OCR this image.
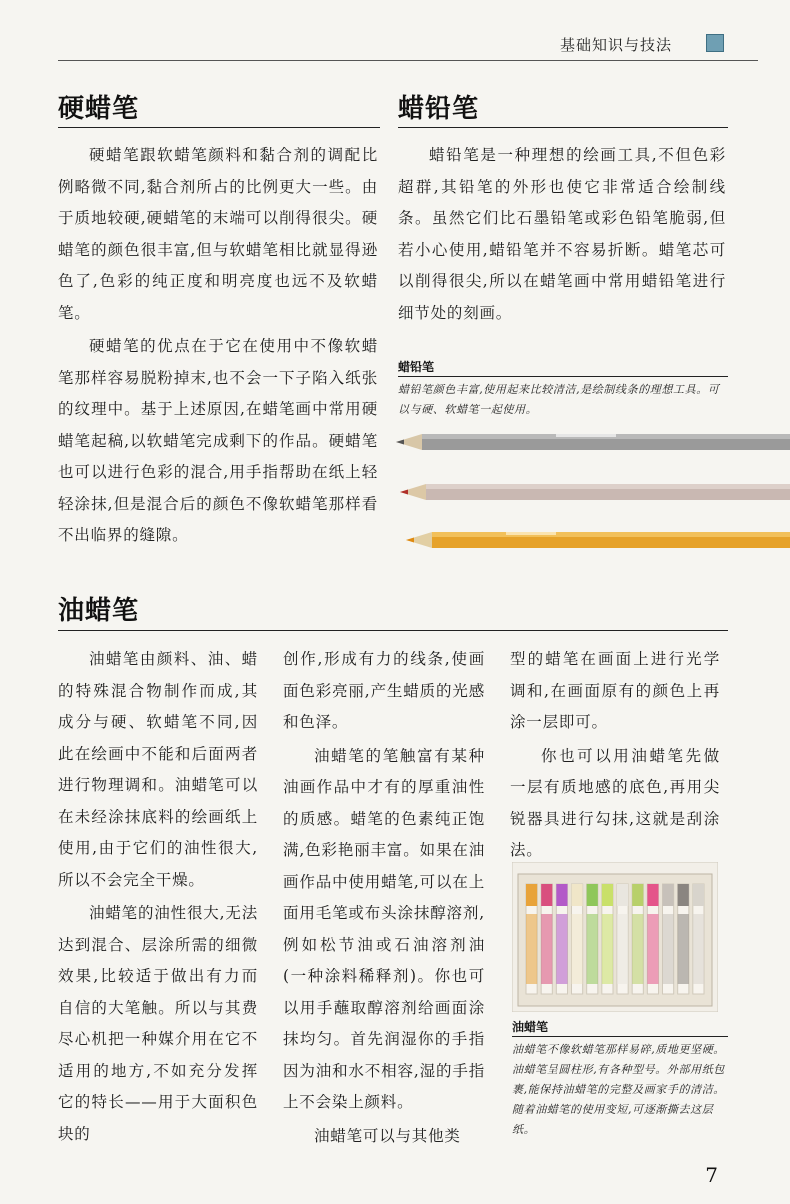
基础知识与技法
硬蜡笔

硬蜡笔跟软蜡笔颜料和黏合剂的调配比例略微不同,黏合剂所占的比例更大一些。由于质地较硬,硬蜡笔的末端可以削得很尖。硬蜡笔的颜色很丰富,但与软蜡笔相比就显得逊色了,色彩的纯正度和明亮度也远不及软蜡笔。

硬蜡笔的优点在于它在使用中不像软蜡笔那样容易脱粉掉末,也不会一下子陷入纸张的纹理中。基于上述原因,在蜡笔画中常用硬蜡笔起稿,以软蜡笔完成剩下的作品。硬蜡笔也可以进行色彩的混合,用手指帮助在纸上轻轻涂抹,但是混合后的颜色不像软蜡笔那样看不出临界的缝隙。

蜡铅笔

蜡铅笔是一种理想的绘画工具,不但色彩超群,其铅笔的外形也使它非常适合绘制线条。虽然它们比石墨铅笔或彩色铅笔脆弱,但若小心使用,蜡铅笔并不容易折断。蜡笔芯可以削得很尖,所以在蜡笔画中常用蜡铅笔进行细节处的刻画。

蜡铅笔
蜡铅笔颜色丰富,使用起来比较清洁,是绘制线条的理想工具。可以与硬、软蜡笔一起使用。
油蜡笔

油蜡笔由颜料、油、蜡的特殊混合物制作而成,其成分与硬、软蜡笔不同,因此在绘画中不能和后面两者进行物理调和。油蜡笔可以在未经涂抹底料的绘画纸上使用,由于它们的油性很大,所以不会完全干燥。

油蜡笔的油性很大,无法达到混合、层涂所需的细微效果,比较适于做出有力而自信的大笔触。所以与其费尽心机把一种媒介用在它不适用的地方,不如充分发挥它的特长——用于大面积色块的

创作,形成有力的线条,使画面色彩亮丽,产生蜡质的光感和色泽。

油蜡笔的笔触富有某种油画作品中才有的厚重油性的质感。蜡笔的色素纯正饱满,色彩艳丽丰富。如果在油画作品中使用蜡笔,可以在上面用毛笔或布头涂抹醇溶剂,例如松节油或石油溶剂油(一种涂料稀释剂)。你也可以用手蘸取醇溶剂给画面涂抹均匀。首先润湿你的手指因为油和水不相容,湿的手指上不会染上颜料。

油蜡笔可以与其他类

型的蜡笔在画面上进行光学调和,在画面原有的颜色上再涂一层即可。

你也可以用油蜡笔先做一层有质地感的底色,再用尖锐器具进行勾抹,这就是刮涂法。

油蜡笔
油蜡笔不像软蜡笔那样易碎,质地更坚硬。油蜡笔呈圆柱形,有各种型号。外部用纸包裹,能保持油蜡笔的完整及画家手的清洁。随着油蜡笔的使用变短,可逐渐撕去这层纸。
7
